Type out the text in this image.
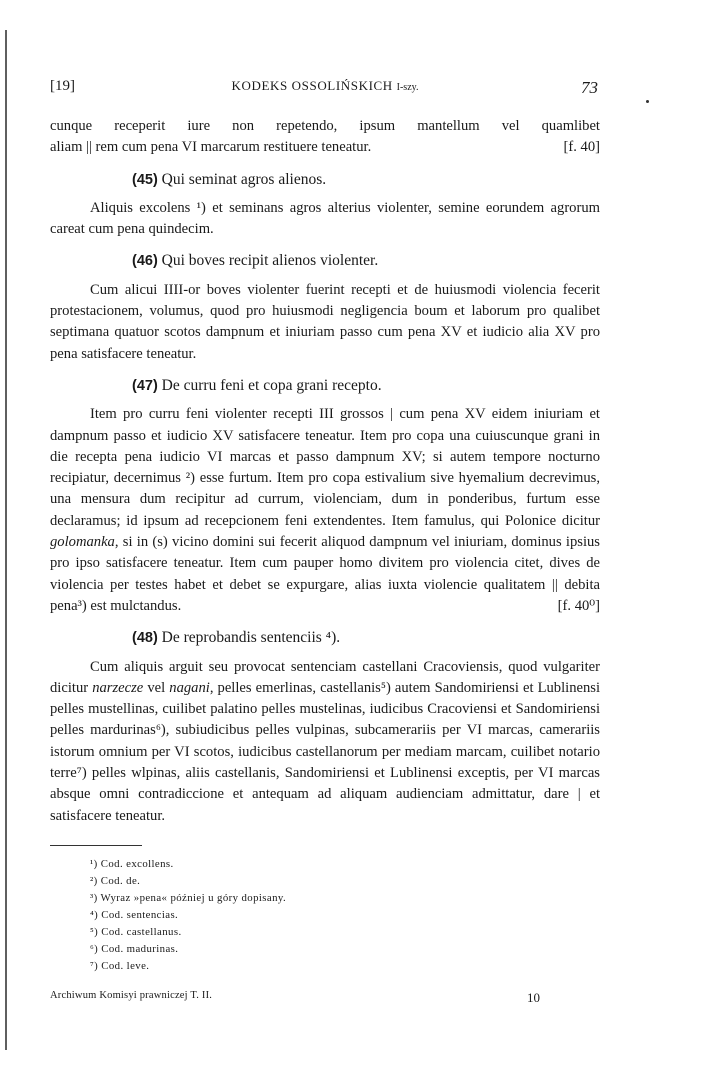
[19]	KODEKS OSSOLIŃSKICH I-szy.	73

cunque receperit iure non repetendo, ipsum mantellum vel quamlibet

aliam || rem cum pena VI marcarum restituere teneatur.	[f. 40]

(45) Qui seminat agros alienos.

Aliquis excolens ¹) et seminans agros alterius violenter, semine eorundem agrorum careat cum pena quindecim.

(46) Qui boves recipit alienos violenter.

Cum alicui IIII-or boves violenter fuerint recepti et de huiusmodi violencia fecerit protestacionem, volumus, quod pro huiusmodi negligencia boum et laborum pro qualibet septimana quatuor scotos dampnum et iniuriam passo cum pena XV et iudicio alia XV pro pena satisfacere teneatur.

(47) De curru feni et copa grani recepto.

Item pro curru feni violenter recepti III grossos | cum pena XV eidem iniuriam et dampnum passo et iudicio XV satisfacere teneatur. Item pro copa una cuiuscunque grani in die recepta pena iudicio VI marcas et passo dampnum XV; si autem tempore nocturno recipiatur, decernimus ²) esse furtum. Item pro copa estivalium sive hyemalium decrevimus, una mensura dum recipitur ad currum, violenciam, dum in ponderibus, furtum esse declaramus; id ipsum ad recepcionem feni extendentes. Item famulus, qui Polonice dicitur golomanka, si in (s) vicino domini sui fecerit aliquod dampnum vel iniuriam, dominus ipsius pro ipso satisfacere teneatur. Item cum pauper homo divitem pro violencia citet, dives de violencia per testes habet et debet se expurgare, alias iuxta violencie qualitatem || debita pena³) est mulctandus.	[f. 40⁰]

(48) De reprobandis sentenciis ⁴).

Cum aliquis arguit seu provocat sentenciam castellani Cracoviensis, quod vulgariter dicitur narzecze vel nagani, pelles emerlinas, castellanis⁵) autem Sandomiriensi et Lublinensi pelles mustellinas, cuilibet palatino pelles mustelinas, iudicibus Cracoviensi et Sandomiriensi pelles mardurinas⁶), subiudicibus pelles vulpinas, subcamerariis per VI marcas, camerariis istorum omnium per VI scotos, iudicibus castellanorum per mediam marcam, cuilibet notario terre⁷) pelles wlpinas, aliis castellanis, Sandomiriensi et Lublinensi exceptis, per VI marcas absque omni contradiccione et antequam ad aliquam audienciam admittatur, dare | et satisfacere teneatur.

¹) Cod. excollens.
²) Cod. de.
³) Wyraz »pena« później u góry dopisany.
⁴) Cod. sentencias.
⁵) Cod. castellanus.
⁶) Cod. madurinas.
⁷) Cod. leve.
Archiwum Komisyi prawniczej T. II.	10
